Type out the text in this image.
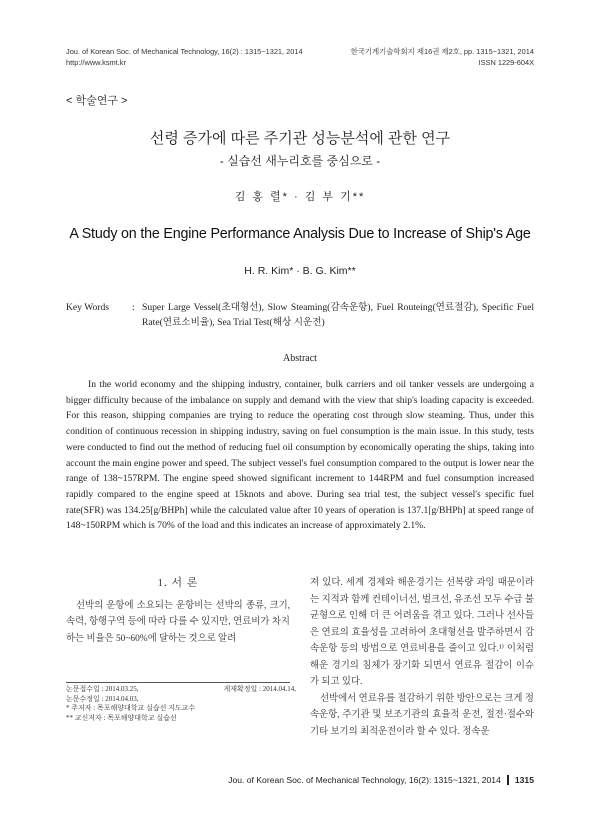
Jou. of Korean Soc. of Mechanical Technology, 16(2) : 1315~1321, 2014
http://www.ksmt.kr
한국기계기술학회지 제16권 제2호, pp. 1315~1321, 2014
ISSN 1229-604X
< 학술연구 >
선령 증가에 따른 주기관 성능분석에 관한 연구
- 실습선 새누리호를 중심으로 -
김 홍 렬* · 김 부 기**
A Study on the Engine Performance Analysis Due to Increase of Ship's Age
H. R. Kim* · B. G. Kim**
Key Words	: Super Large Vessel(초대형선), Slow Steaming(감속운항), Fuel Routeing(연료절감), Specific Fuel Rate(연료소비율), Sea Trial Test(해상 시운전)
Abstract

In the world economy and the shipping industry, container, bulk carriers and oil tanker vessels are undergoing a bigger difficulty because of the imbalance on supply and demand with the view that ship's loading capacity is exceeded. For this reason, shipping companies are trying to reduce the operating cost through slow steaming. Thus, under this condition of continuous recession in shipping industry, saving on fuel consumption is the main issue. In this study, tests were conducted to find out the method of reducing fuel oil consumption by economically operating the ships, taking into account the main engine power and speed. The subject vessel's fuel consumption compared to the output is lower near the range of 138~157RPM. The engine speed showed significant increment to 144RPM and fuel consumption increased rapidly compared to the engine speed at 15knots and above. During sea trial test, the subject vessel's specific fuel rate(SFR) was 134.25[g/BHPh] while the calculated value after 10 years of operation is 137.1[g/BHPh] at speed range of 148~150RPM which is 70% of the load and this indicates an increase of approximately 2.1%.

1. 서 론

선박의 운항에 소요되는 운항비는 선박의 종류, 크기, 속력, 항행구역 등에 따라 다를 수 있지만, 연료비가 차지하는 비율은 50~60%에 달하는 것으로 알려

논문접수일 : 2014.03.25,	게재확정일 : 2014.04.14,
논문수정일 : 2014.04.03,
* 주저자 : 목포해양대학교 실습선 지도교수
** 교신저자 : 목포해양대학교 실습선

져 있다. 세계 경제와 해운경기는 선복량 과잉 때문이라는 지적과 함께 컨테이너선, 벌크선, 유조선 모두 수급 불균형으로 인해 더 큰 어려움을 겪고 있다. 그러나 선사들은 연료의 효율성을 고려하여 초대형선을 발주하면서 감속운항 등의 방법으로 연료비용을 줄이고 있다.¹⁾ 이처럼 해운 경기의 침체가 장기화 되면서 연료유 절감이 이슈가 되고 있다.

선박에서 연료유를 절감하기 위한 방안으로는 크게 정속운항, 주기관 및 보조기관의 효율적 운전, 절전·절수와 기타 보기의 최적운전이라 할 수 있다. 정속운

Jou. of Korean Soc. of Mechanical Technology, 16(2): 1315~1321, 2014 1315
